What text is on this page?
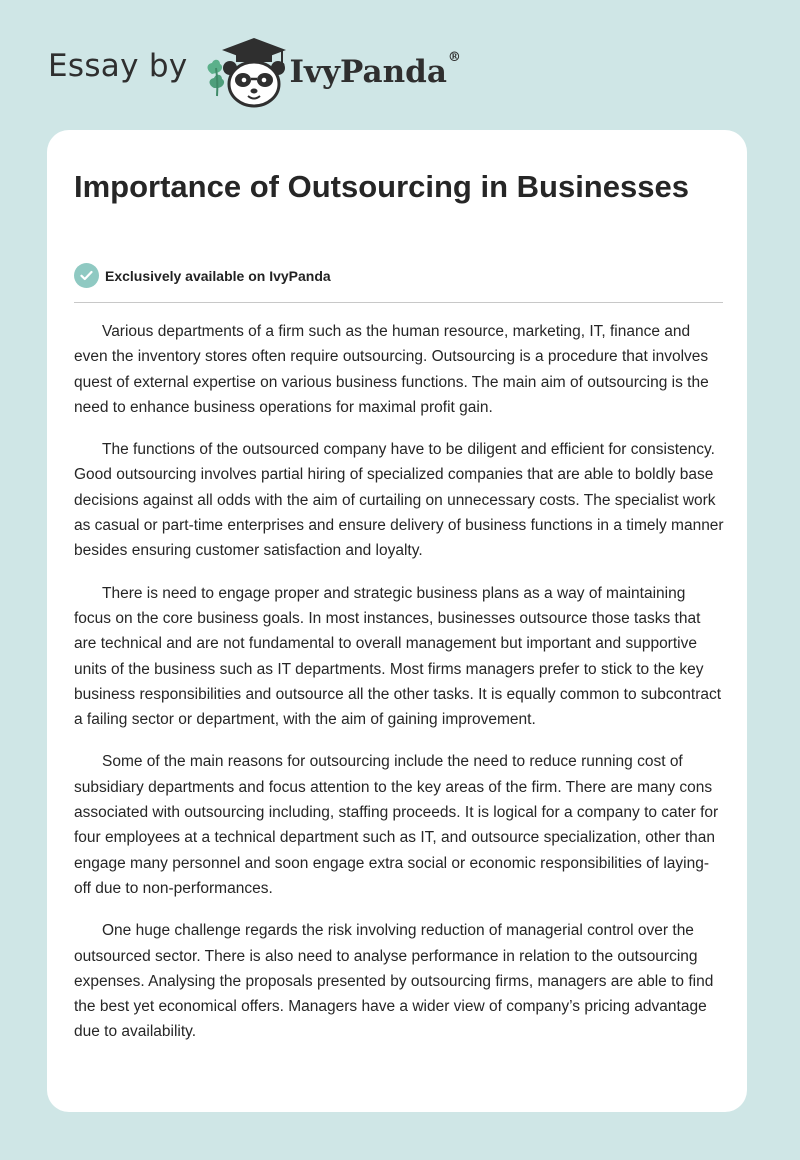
Essay by	IvyPanda®
Importance of Outsourcing in Businesses
Exclusively available on IvyPanda

Various departments of a firm such as the human resource, marketing, IT, finance and even the inventory stores often require outsourcing. Outsourcing is a procedure that involves quest of external expertise on various business functions. The main aim of outsourcing is the need to enhance business operations for maximal profit gain.

The functions of the outsourced company have to be diligent and efficient for consistency. Good outsourcing involves partial hiring of specialized companies that are able to boldly base decisions against all odds with the aim of curtailing on unnecessary costs. The specialist work as casual or part-time enterprises and ensure delivery of business functions in a timely manner besides ensuring customer satisfaction and loyalty.

There is need to engage proper and strategic business plans as a way of maintaining focus on the core business goals. In most instances, businesses outsource those tasks that are technical and are not fundamental to overall management but important and supportive units of the business such as IT departments. Most firms managers prefer to stick to the key business responsibilities and outsource all the other tasks. It is equally common to subcontract a failing sector or department, with the aim of gaining improvement.

Some of the main reasons for outsourcing include the need to reduce running cost of subsidiary departments and focus attention to the key areas of the firm. There are many cons associated with outsourcing including, staffing proceeds. It is logical for a company to cater for four employees at a technical department such as IT, and outsource specialization, other than engage many personnel and soon engage extra social or economic responsibilities of laying-off due to non-performances.

One huge challenge regards the risk involving reduction of managerial control over the outsourced sector. There is also need to analyse performance in relation to the outsourcing expenses. Analysing the proposals presented by outsourcing firms, managers are able to find the best yet economical offers. Managers have a wider view of company’s pricing advantage due to availability.
